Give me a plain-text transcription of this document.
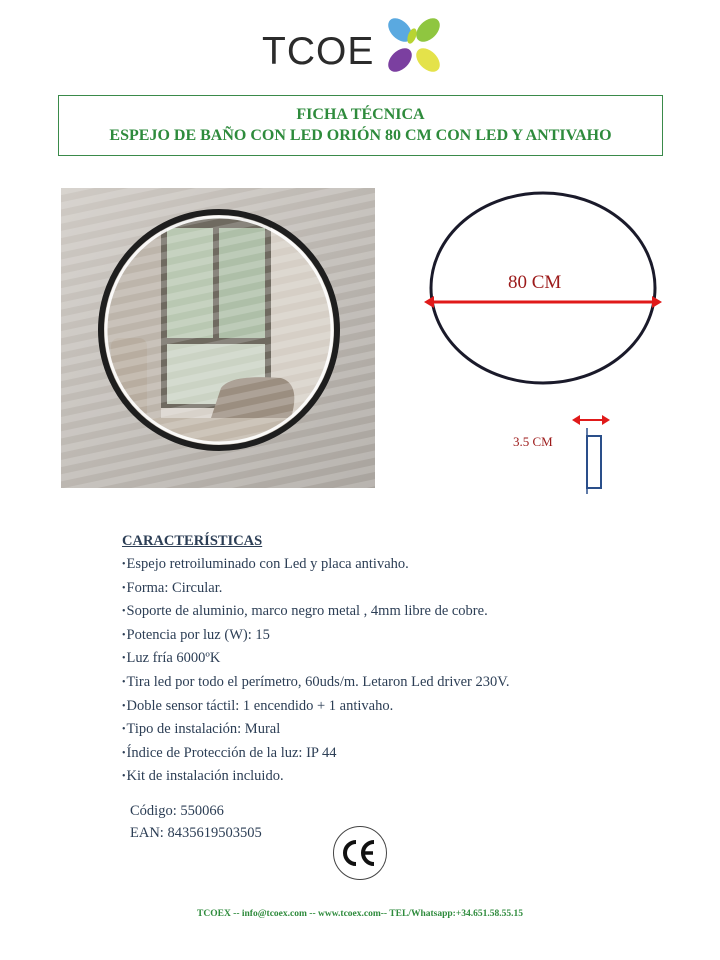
TCOE
FICHA TÉCNICA
ESPEJO DE BAÑO CON LED ORIÓN 80 CM CON LED Y ANTIVAHO
80 CM
3.5 CM
CARACTERÍSTICAS
• Espejo retroiluminado con Led y placa antivaho.
• Forma: Circular.
• Soporte de aluminio, marco negro metal , 4mm libre de cobre.
• Potencia por luz (W): 15
• Luz fría 6000ºK
• Tira led por todo el perímetro, 60uds/m. Letaron Led driver 230V.
• Doble sensor táctil: 1 encendido + 1 antivaho.
• Tipo de instalación: Mural
• Índice de Protección de la luz: IP 44
• Kit de instalación incluido.
Código: 550066
EAN: 8435619503505
TCOEX -- info@tcoex.com -- www.tcoex.com-- TEL/Whatsapp:+34.651.58.55.15
